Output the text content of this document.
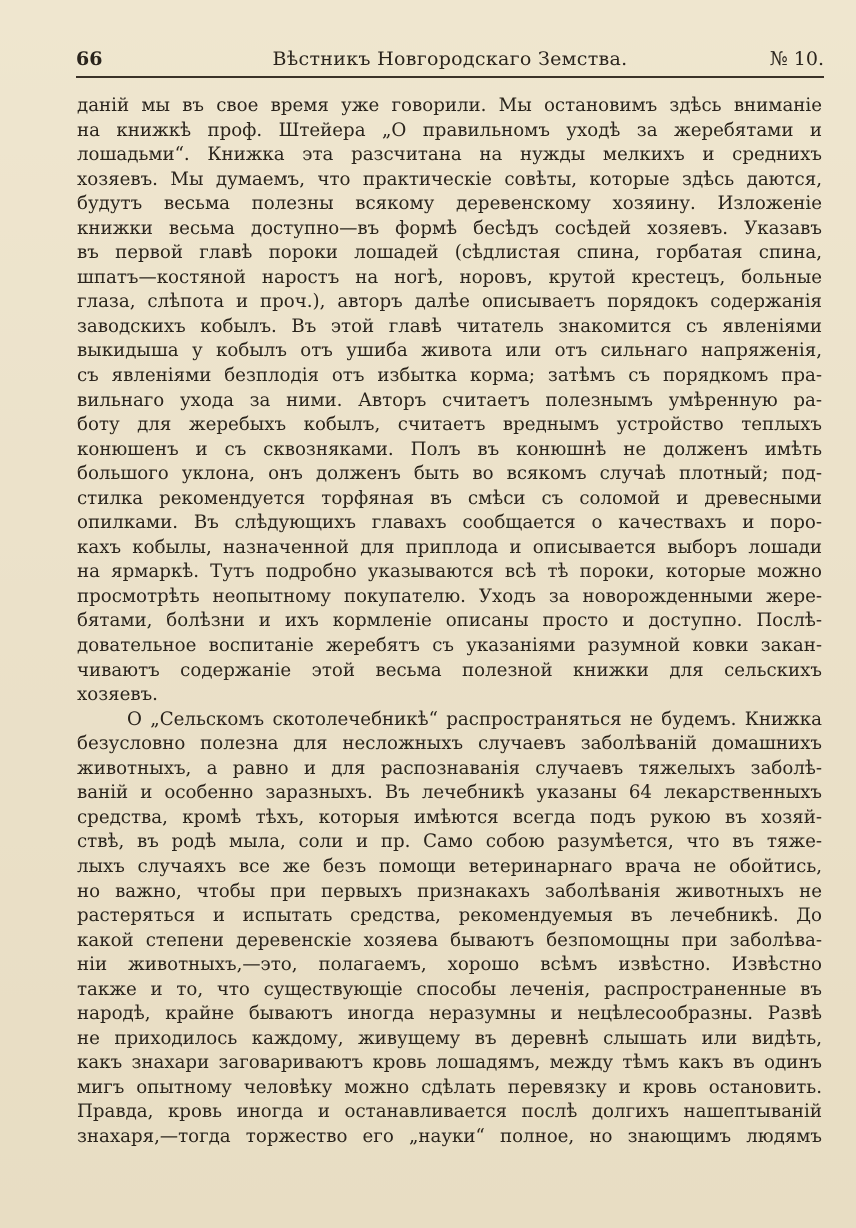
66	Вѣстникъ Новгородскаго Земства.	№ 10.
данiй мы въ свое время уже говорили. Мы остановимъ здѣсь вниманiе
на книжкѣ проф. Штейера „О правильномъ уходѣ за жеребятами и
лошадьми“. Книжка эта разсчитана на нужды мелкихъ и среднихъ
хозяевъ. Мы думаемъ, что практическiе совѣты, которые здѣсь даются,
будутъ весьма полезны всякому деревенскому хозяину. Изложенiе
книжки весьма доступно—въ формѣ бесѣдъ сосѣдей хозяевъ. Указавъ
въ первой главѣ пороки лошадей (сѣдлистая спина, горбатая спина,
шпатъ—костяной наростъ на ногѣ, норовъ, крутой крестецъ, больные
глаза, слѣпота и проч.), авторъ далѣе описываетъ порядокъ содержанiя
заводскихъ кобылъ. Въ этой главѣ читатель знакомится съ явленiями
выкидыша у кобылъ отъ ушиба живота или отъ сильнаго напряженiя,
съ явленiями безплодiя отъ избытка корма; затѣмъ съ порядкомъ пра-
вильнаго ухода за ними. Авторъ считаетъ полезнымъ умѣренную ра-
боту для жеребыхъ кобылъ, считаетъ вреднымъ устройство теплыхъ
конюшенъ и съ сквозняками. Полъ въ конюшнѣ не долженъ имѣть
большого уклона, онъ долженъ быть во всякомъ случаѣ плотный; под-
стилка рекомендуется торфяная въ смѣси съ соломой и древесными
опилками. Въ слѣдующихъ главахъ сообщается о качествахъ и поро-
кахъ кобылы, назначенной для приплода и описывается выборъ лошади
на ярмаркѣ. Тутъ подробно указываются всѣ тѣ пороки, которые можно
просмотрѣть неопытному покупателю. Уходъ за новорожденными жере-
бятами, болѣзни и ихъ кормленiе описаны просто и доступно. Послѣ-
довательное воспитанiе жеребятъ съ указанiями разумной ковки закан-
чиваютъ содержанiе этой весьма полезной книжки для сельскихъ
хозяевъ.
О „Сельскомъ скотолечебникѣ“ распространяться не будемъ. Книжка
безусловно полезна для несложныхъ случаевъ заболѣванiй домашнихъ
животныхъ, а равно и для распознаванiя случаевъ тяжелыхъ заболѣ-
ванiй и особенно заразныхъ. Въ лечебникѣ указаны 64 лекарственныхъ
средства, кромѣ тѣхъ, которыя имѣются всегда подъ рукою въ хозяй-
ствѣ, въ родѣ мыла, соли и пр. Само собою разумѣется, что въ тяже-
лыхъ случаяхъ все же безъ помощи ветеринарнаго врача не обойтись,
но важно, чтобы при первыхъ признакахъ заболѣванiя животныхъ не
растеряться и испытать средства, рекомендуемыя въ лечебникѣ. До
какой степени деревенскiе хозяева бываютъ безпомощны при заболѣва-
нiи животныхъ,—это, полагаемъ, хорошо всѣмъ извѣстно. Извѣстно
также и то, что существующiе способы леченiя, распространенные въ
народѣ, крайне бываютъ иногда неразумны и нецѣлесообразны. Развѣ
не приходилось каждому, живущему въ деревнѣ слышать или видѣть,
какъ знахари заговариваютъ кровь лошадямъ, между тѣмъ какъ въ одинъ
мигъ опытному человѣку можно сдѣлать перевязку и кровь остановить.
Правда, кровь иногда и останавливается послѣ долгихъ нашептыванiй
знахаря,—тогда торжество его „науки“ полное, но знающимъ людямъ
